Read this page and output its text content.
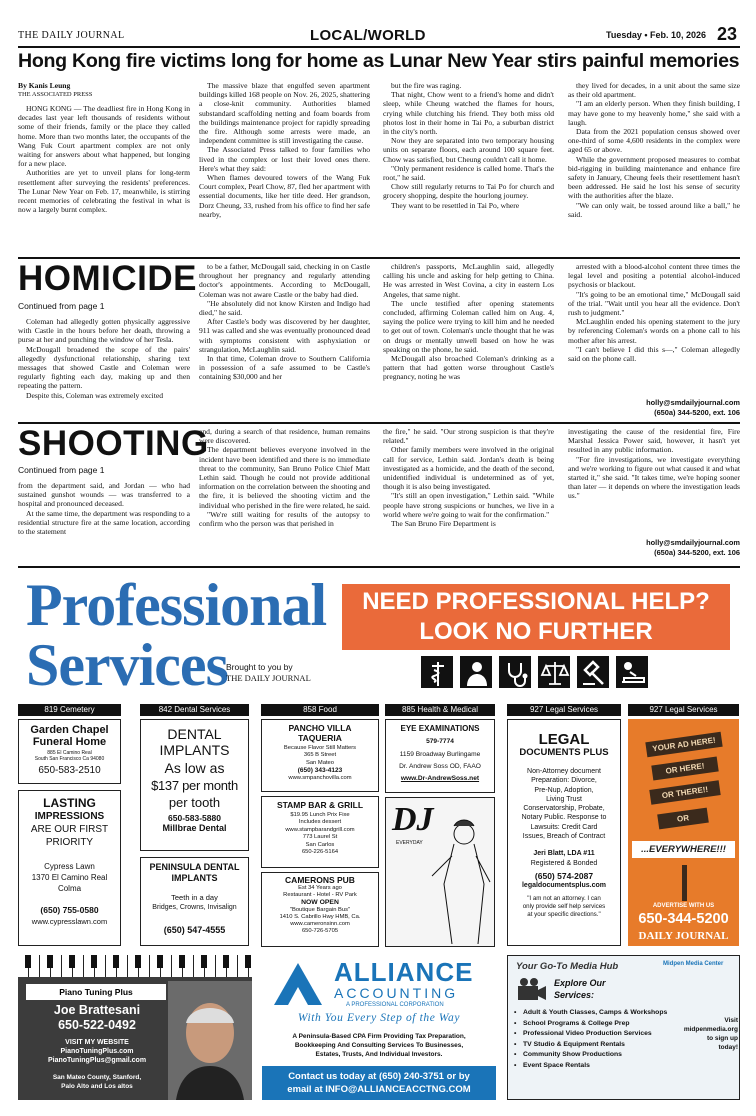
THE DAILY JOURNAL	LOCAL/WORLD	Tuesday • Feb. 10, 2026 23
Hong Kong fire victims long for home as Lunar New Year stirs painful memories
By Kanis Leung
THE ASSOCIATED PRESS

HONG KONG — The deadliest fire in Hong Kong in decades last year left thousands of residents without some of their friends, family or the place they called home. More than two months later, the occupants of the Wang Fuk Court apartment complex are not only waiting for answers about what happened, but longing for a new place.

Authorities are yet to unveil plans for long-term resettlement after surveying the residents' preferences. The Lunar New Year on Feb. 17, meanwhile, is stirring recent memories of celebrating the festival in what is now a largely burnt complex.

The massive blaze that engulfed seven apartment buildings killed 168 people on Nov. 26, 2025, shattering a close-knit community. Authorities blamed substandard scaffolding netting and foam boards from the buildings maintenance project for rapidly spreading the fire. Although some arrests were made, an independent committee is still investigating the cause.

The Associated Press talked to four families who lived in the complex or lost their loved ones there. Here's what they said:

When flames devoured towers of the Wang Fuk Court complex, Pearl Chow, 87, fled her apartment with essential documents, like her title deed. Her grandson, Dorz Cheung, 33, rushed from his office to find her safe nearby,

but the fire was raging.

That night, Chow went to a friend's home and didn't sleep, while Cheung watched the flames for hours, crying while clutching his friend. They both miss old photos lost in their home in Tai Po, a suburban district in the city's north.

Now they are separated into two temporary housing units on separate floors, each around 100 square feet. Chow was satisfied, but Cheung couldn't call it home.

"Only permanent residence is called home. That's the root," he said.

Chow still regularly returns to Tai Po for church and grocery shopping, despite the hourlong journey.

They want to be resettled in Tai Po, where

they lived for decades, in a unit about the same size as their old apartment.

"I am an elderly person. When they finish building, I may have gone to my heavenly home," she said with a laugh.

Data from the 2021 population census showed over one-third of some 4,600 residents in the complex were aged 65 or above.

While the government proposed measures to combat bid-rigging in building maintenance and enhance fire safety in January, Cheung feels their resettlement hasn't been addressed. He said he lost his sense of security with the authorities after the blaze.

"We can only wait, be tossed around like a ball," he said.

HOMICIDE
Continued from page 1

Coleman had allegedly gotten physically aggressive with Castle in the hours before her death, throwing a purse at her and punching the window of her Tesla.

McDougall broadened the scope of the pairs' allegedly dysfunctional relationship, sharing text messages that showed Castle and Coleman were regularly fighting each day, making up and then repeating the pattern.

Despite this, Coleman was extremely excited

to be a father, McDougall said, checking in on Castle throughout her pregnancy and regularly attending doctor's appointments. According to McDougall, Coleman was not aware Castle or the baby had died.

"He absolutely did not know Kirsten and Indigo had died," he said.

After Castle's body was discovered by her daughter, 911 was called and she was eventually pronounced dead with symptoms consistent with asphyxiation or strangulation, McLaughlin said.

In that time, Coleman drove to Southern California in possession of a safe assumed to be Castle's containing $30,000 and her

children's passports, McLaughlin said, allegedly calling his uncle and asking for help getting to China. He was arrested in West Covina, a city in eastern Los Angeles, that same night.

The uncle testified after opening statements concluded, affirming Coleman called him on Aug. 4, saying the police were trying to kill him and he needed to get out of town. Coleman's uncle thought that he was on drugs or mentally unwell based on how he was speaking on the phone, he said.

McDougall also broached Coleman's drinking as a pattern that had gotten worse throughout Castle's pregnancy, noting he was

arrested with a blood-alcohol content three times the legal level and positing a potential alcohol-induced psychosis or blackout.

"It's going to be an emotional time," McDougall said of the trial. "Wait until you hear all the evidence. Don't rush to judgment."

McLaughlin ended his opening statement to the jury by referencing Coleman's words on a phone call to his mother after his arrest.

"I can't believe I did this s—," Coleman allegedly said on the phone call.

holly@smdailyjournal.com
(650a) 344-5200, ext. 106
SHOOTING
Continued from page 1

from the department said, and Jordan — who had sustained gunshot wounds — was transferred to a hospital and pronounced deceased.

At the same time, the department was responding to a residential structure fire at the same location, according to the statement

and, during a search of that residence, human remains were discovered.

The department believes everyone involved in the incident have been identified and there is no immediate threat to the community, San Bruno Police Chief Matt Lethin said. Though he could not provide additional information on the correlation between the shooting and the fire, it is believed the shooting victim and the individual who perished in the fire were related, he said.

"We're still waiting for results of the autopsy to confirm who the person was that perished in

the fire," he said. "Our strong suspicion is that they're related."

Other family members were involved in the original call for service, Lethin said. Jordan's death is being investigated as a homicide, and the death of the second, unidentified individual is undetermined as of yet, though it is also being investigated.

"It's still an open investigation," Lethin said. "While people have strong suspicions or hunches, we live in a world where we're going to wait for the confirmation."

The San Bruno Fire Department is

investigating the cause of the residential fire, Fire Marshal Jessica Power said, however, it hasn't yet resulted in any public information.

"For fire investigations, we investigate everything and we're working to figure out what caused it and what started it," she said. "It takes time, we're hoping sooner than later — it depends on where the investigation leads us."

holly@smdailyjournal.com
(650a) 344-5200, ext. 106
Professional
Services
Brought to you by
THE DAILY JOURNAL
NEED PROFESSIONAL HELP?
LOOK NO FURTHER
819 Cemetery	842 Dental Services	858 Food	885 Health & Medical	927 Legal Services	927 Legal Services
Garden Chapel
Funeral Home
885 El Camino Real
South San Francisco Ca 94080
650-583-2510
LASTING
IMPRESSIONS
ARE OUR FIRST
PRIORITY
Cypress Lawn
1370 El Camino Real
Colma
(650) 755-0580
www.cypresslawn.com
DENTAL
IMPLANTS
As low as
$137 per month
per tooth
650-583-5880
Millbrae Dental
PENINSULA DENTAL
IMPLANTS
Teeth in a day
Bridges, Crowns, Invisalign
(650) 547-4555
PANCHO VILLA
TAQUERIA
Because Flavor Still Matters
365 B Street
San Mateo
(650) 343-4123
www.smpanchovilla.com
STAMP BAR & GRILL
$19.95 Lunch Prix Fixe
Includes dessert
www.stampbarandgrill.com
773 Laurel St
San Carlos
650-226-5164
CAMERONS PUB
Est 34 Years ago
Restaurant - Hotel - RV Park
NOW OPEN
"Boutique Bargain Bus"
1410 S. Cabrillo Hwy HMB, Ca.
www.cameronsinn.com
650-726-5705
EYE EXAMINATIONS
579-7774
1159 Broadway Burlingame
Dr. Andrew Soss OD, FAAO
www.Dr-AndrewSoss.net
DJ
EVERYDAY
LEGAL
DOCUMENTS PLUS
Non-Attorney document
Preparation: Divorce,
Pre-Nup, Adoption,
Living Trust
Conservatorship, Probate,
Notary Public. Response to
Lawsuits: Credit Card
Issues, Breach of Contract
Jeri Blatt, LDA #11
Registered & Bonded
(650) 574-2087
legaldocumentsplus.com
"I am not an attorney. I can
only provide self help services
at your specific directions."
YOUR AD HERE!
OR HERE!
OR THERE!!
OR
...EVERYWHERE!!!
ADVERTISE WITH US
650-344-5200
DAILY JOURNAL
Piano Tuning Plus
Joe Brattesani
650-522-0492
VISIT MY WEBSITE
PianoTuningPlus.com
PianoTuningPlus@gmail.com
San Mateo County, Stanford,
Palo Alto and Los altos
ALLIANCE
ACCOUNTING
A PROFESSIONAL CORPORATION
With You Every Step of the Way
A Peninsula-Based CPA Firm Providing Tax Preparation,
Bookkeeping And Consulting Services To Businesses,
Estates, Trusts, And Individual Investors.
Contact us today at (650) 240-3751 or by
email at INFO@ALLIANCEACCTNG.COM
Your Go-To Media Hub	Midpen Media Center
Explore Our
Services:
• Adult & Youth Classes, Camps & Workshops
• School Programs & College Prep
• Professional Video Production Services
• TV Studio & Equipment Rentals
• Community Show Productions
• Event Space Rentals
Visit
midpenmedia.org
to sign up
today!
